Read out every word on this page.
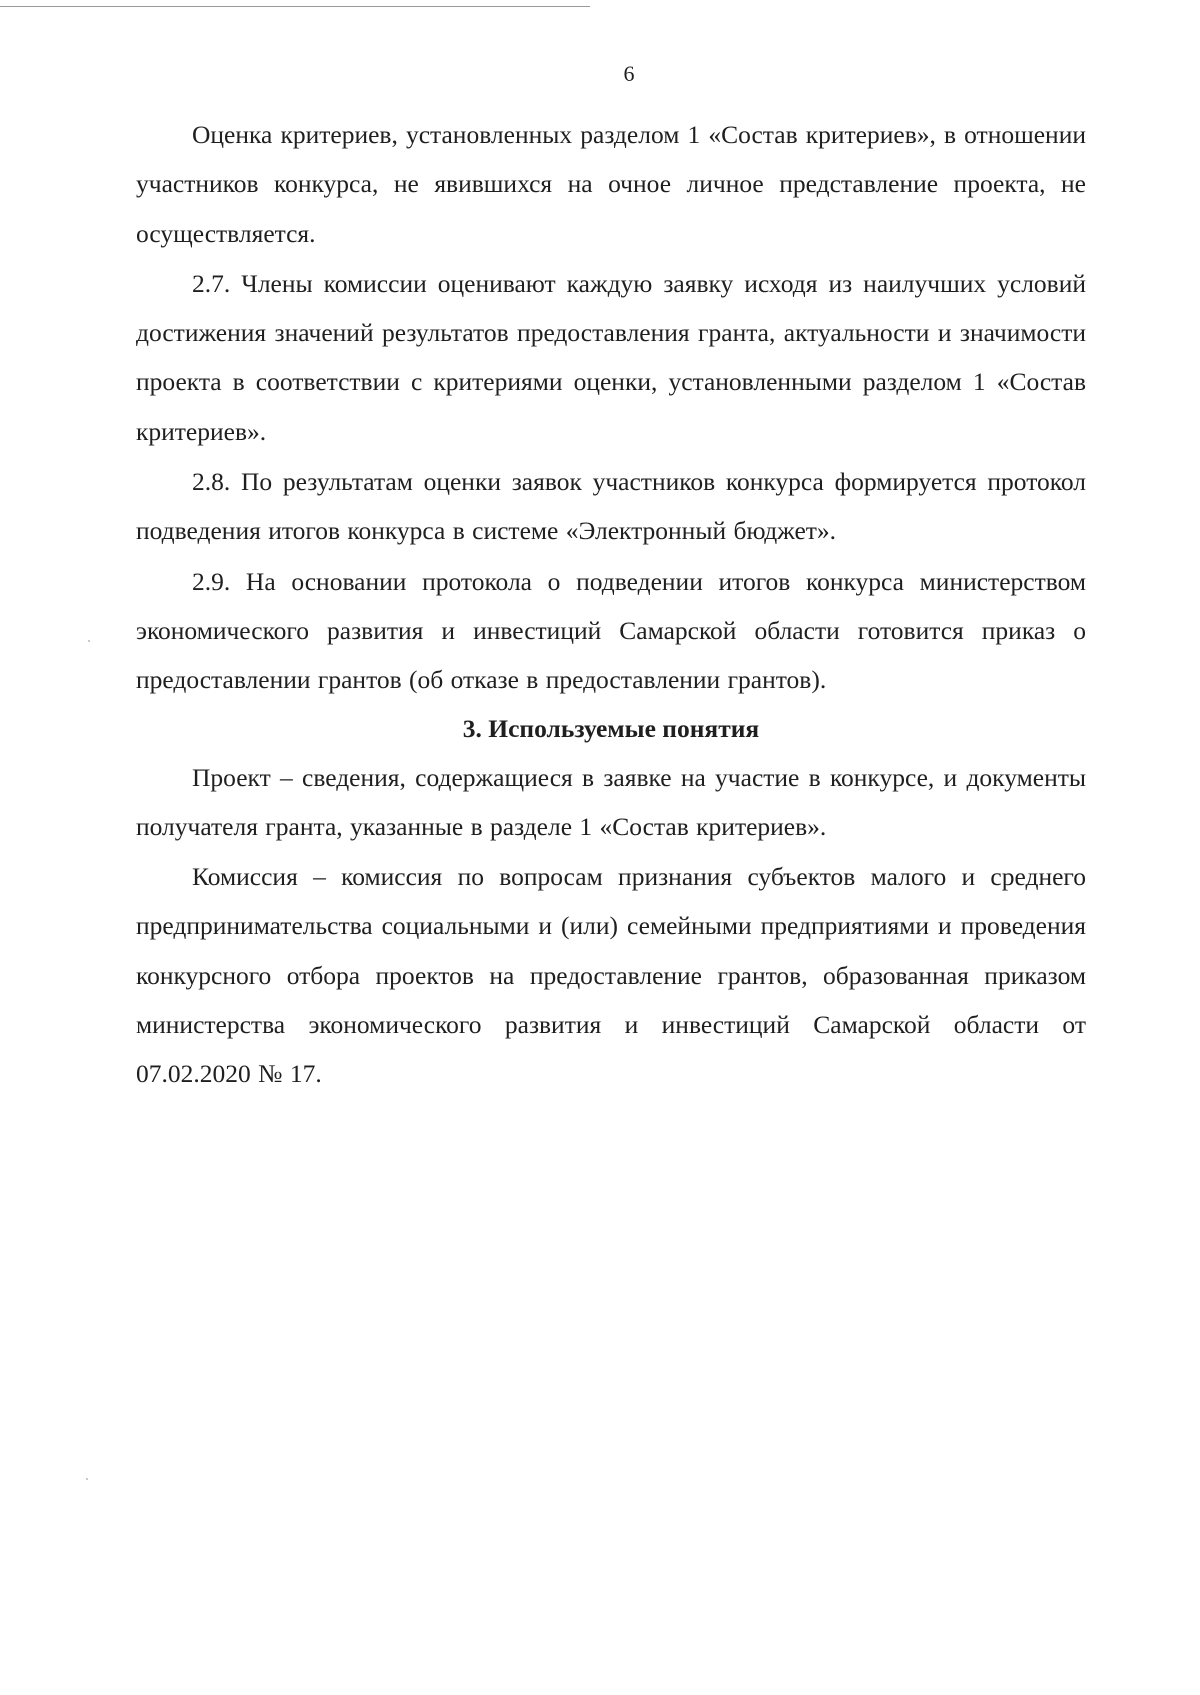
6

Оценка критериев, установленных разделом 1 «Состав критериев», в отношении участников конкурса, не явившихся на очное личное представление проекта, не осуществляется.

2.7. Члены комиссии оценивают каждую заявку исходя из наилучших условий достижения значений результатов предоставления гранта, актуальности и значимости проекта в соответствии с критериями оценки, установленными разделом 1 «Состав критериев».

2.8. По результатам оценки заявок участников конкурса формируется протокол подведения итогов конкурса в системе «Электронный бюджет».

2.9. На основании протокола о подведении итогов конкурса министерством экономического развития и инвестиций Самарской области готовится приказ о предоставлении грантов (об отказе в предоставлении грантов).

3. Используемые понятия

Проект – сведения, содержащиеся в заявке на участие в конкурсе, и документы получателя гранта, указанные в разделе 1 «Состав критериев».

Комиссия – комиссия по вопросам признания субъектов малого и среднего предпринимательства социальными и (или) семейными предприятиями и проведения конкурсного отбора проектов на предоставление грантов, образованная приказом министерства экономического развития и инвестиций Самарской области от 07.02.2020 № 17.
